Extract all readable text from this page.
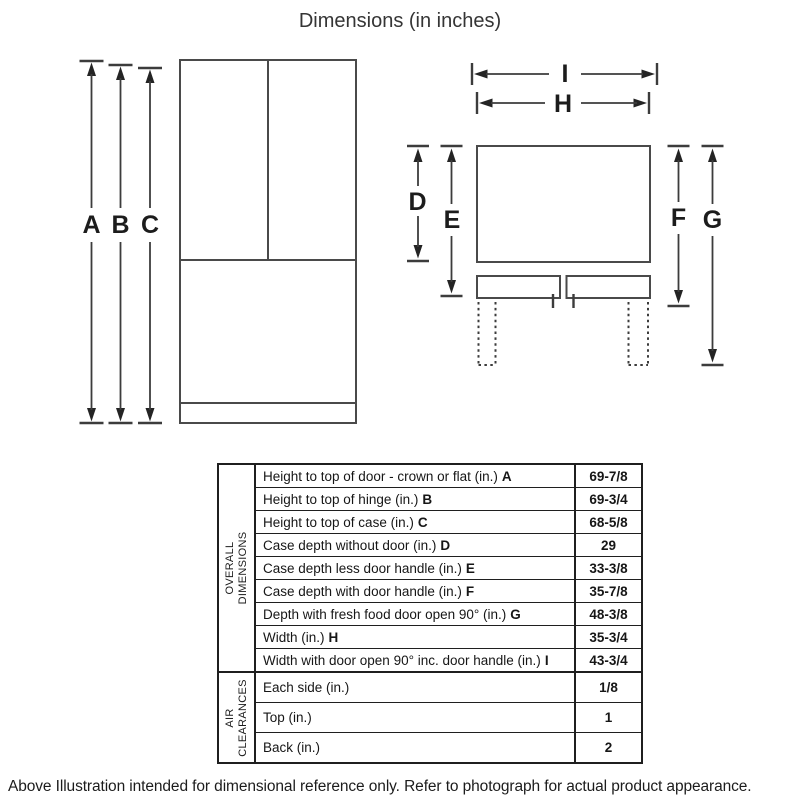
Dimensions (in inches)
A B C
I
H
D
E	F G
OVERALL DIMENSIONS	Height to top of door - crown or flat (in.) A	69-7/8
	Height to top of hinge (in.) B	69-3/4
	Height to top of case (in.) C	68-5/8
	Case depth without door (in.) D	29
	Case depth less door handle (in.) E	33-3/8
	Case depth with door handle (in.) F	35-7/8
	Depth with fresh food door open 90° (in.) G	48-3/8
	Width (in.) H	35-3/4
	Width with door open 90° inc. door handle (in.) I	43-3/4

AIR CLEARANCES	Each side (in.)	1/8
	Top (in.)	1
	Back (in.)	2
Above Illustration intended for dimensional reference only. Refer to photograph for actual product appearance.
